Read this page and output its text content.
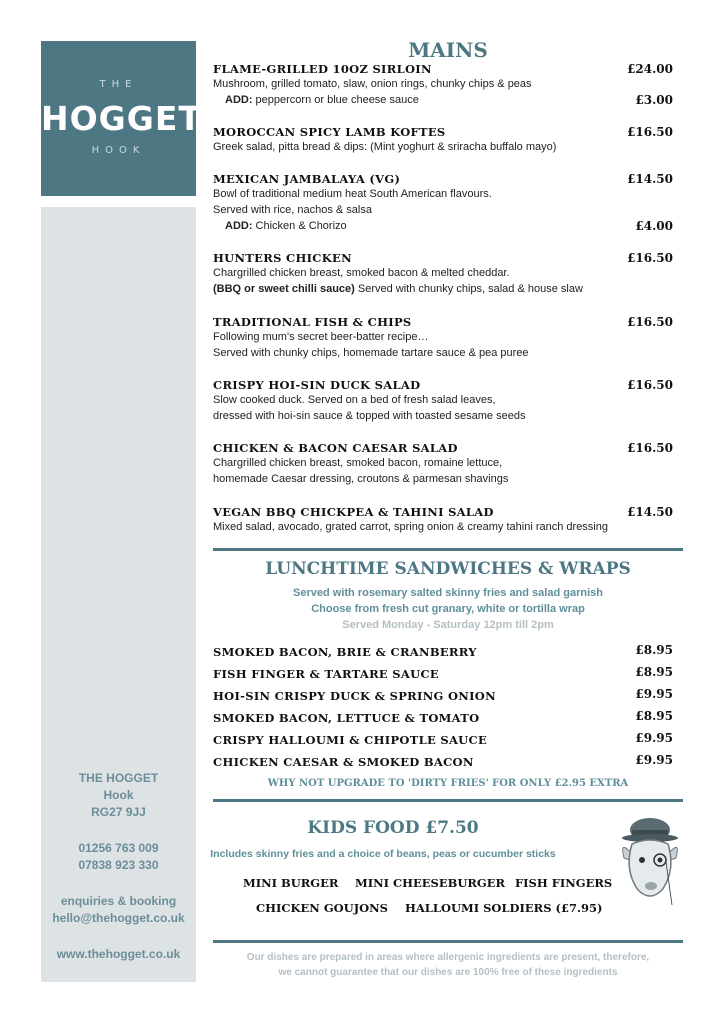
THE
HOGGET
HOOK
THE HOGGET
Hook
RG27 9JJ
01256 763 009
07838 923 330
enquiries & booking
hello@thehogget.co.uk
www.thehogget.co.uk
MAINS
FLAME-GRILLED 10OZ SIRLOIN	£24.00
Mushroom, grilled tomato, slaw, onion rings, chunky chips & peas
ADD: peppercorn or blue cheese sauce	£3.00
MOROCCAN SPICY LAMB KOFTES	£16.50
Greek salad, pitta bread & dips: (Mint yoghurt & sriracha buffalo mayo)
MEXICAN JAMBALAYA (VG)	£14.50
Bowl of traditional medium heat South American flavours.
Served with rice, nachos & salsa
ADD: Chicken & Chorizo	£4.00
HUNTERS CHICKEN	£16.50
Chargrilled chicken breast, smoked bacon & melted cheddar.
(BBQ or sweet chilli sauce) Served with chunky chips, salad & house slaw
TRADITIONAL FISH & CHIPS	£16.50
Following mum's secret beer-batter recipe…
Served with chunky chips, homemade tartare sauce & pea puree
CRISPY HOI-SIN DUCK SALAD	£16.50
Slow cooked duck. Served on a bed of fresh salad leaves,
dressed with hoi-sin sauce & topped with toasted sesame seeds
CHICKEN & BACON CAESAR SALAD	£16.50
Chargrilled chicken breast, smoked bacon, romaine lettuce,
homemade Caesar dressing, croutons & parmesan shavings
VEGAN BBQ CHICKPEA & TAHINI SALAD	£14.50
Mixed salad, avocado, grated carrot, spring onion & creamy tahini ranch dressing
LUNCHTIME SANDWICHES & WRAPS
Served with rosemary salted skinny fries and salad garnish
Choose from fresh cut granary, white or tortilla wrap
Served Monday - Saturday 12pm till 2pm
SMOKED BACON, BRIE & CRANBERRY	£8.95
FISH FINGER & TARTARE SAUCE	£8.95
HOI-SIN CRISPY DUCK & SPRING ONION	£9.95
SMOKED BACON, LETTUCE & TOMATO	£8.95
CRISPY HALLOUMI & CHIPOTLE SAUCE	£9.95
CHICKEN CAESAR & SMOKED BACON	£9.95
WHY NOT UPGRADE TO 'DIRTY FRIES' FOR ONLY £2.95 EXTRA
KIDS FOOD £7.50
Includes skinny fries and a choice of beans, peas or cucumber sticks
MINI BURGER MINI CHEESEBURGER FISH FINGERS
CHICKEN GOUJONS HALLOUMI SOLDIERS (£7.95)
Our dishes are prepared in areas where allergenic ingredients are present, therefore,
we cannot guarantee that our dishes are 100% free of these ingredients
